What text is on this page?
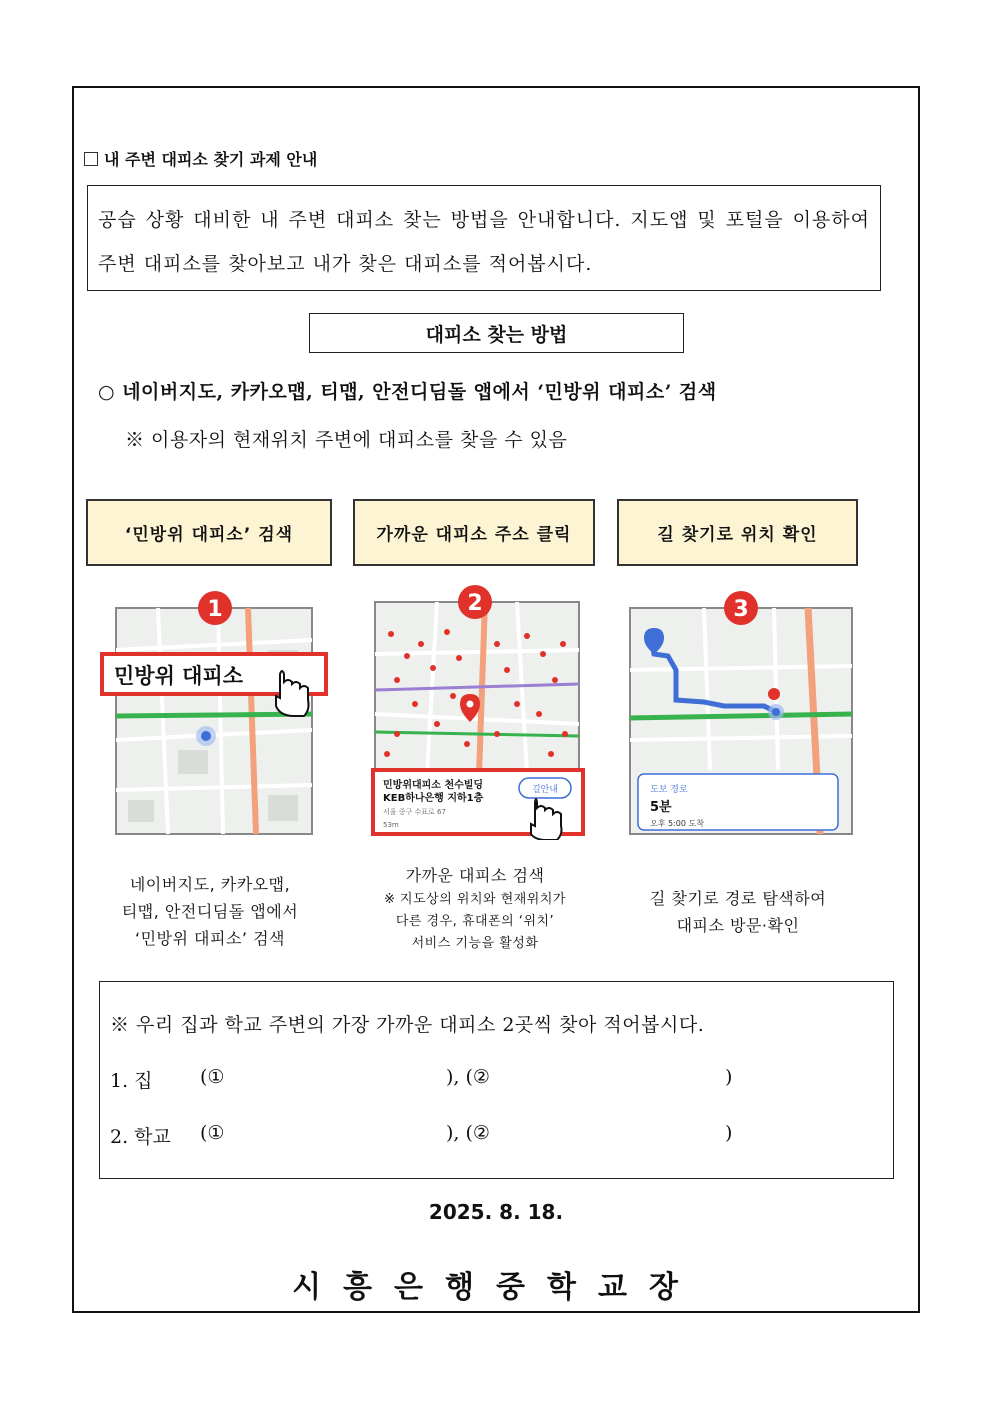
내 주변 대피소 찾기 과제 안내
공습 상황 대비한 내 주변 대피소 찾는 방법을 안내합니다. 지도앱 및 포털을 이용하여 주변 대피소를 찾아보고 내가 찾은 대피소를 적어봅시다.
대피소 찾는 방법
○ 네이버지도, 카카오맵, 티맵, 안전디딤돌 앱에서 ‘민방위 대피소’ 검색
※ 이용자의 현재위치 주변에 대피소를 찾을 수 있음
‘민방위 대피소’ 검색	가까운 대피소 주소 클릭	길 찾기로 위치 확인
민방위 대피소
1
민방위대피소 천수빌딩
KEB하나은행 지하1층
서울 중구 수표로 67
53m
길안내
2
도보 경로
5분
오후 5:00 도착
3
네이버지도, 카카오맵,
티맵, 안전디딤돌 앱에서
‘민방위 대피소’ 검색
가까운 대피소 검색
※ 지도상의 위치와 현재위치가
다른 경우, 휴대폰의 ‘위치’
서비스 기능을 활성화
길 찾기로 경로 탐색하여
대피소 방문·확인
※ 우리 집과 학교 주변의 가장 가까운 대피소 2곳씩 찾아 적어봅시다.
1. 집 (①	), (②	)
2. 학교 (①	), (②	)
2025. 8. 18.
시흥은행중학교장
